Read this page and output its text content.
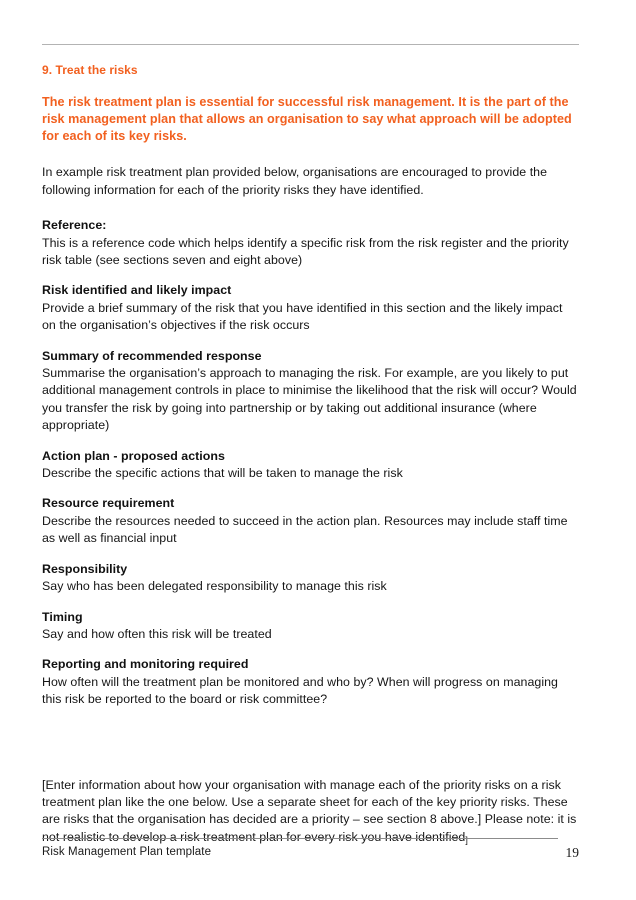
9. Treat the risks
The risk treatment plan is essential for successful risk management. It is the part of the risk management plan that allows an organisation to say what approach will be adopted for each of its key risks.
In example risk treatment plan provided below, organisations are encouraged to provide the following information for each of the priority risks they have identified.
Reference:
This is a reference code which helps identify a specific risk from the risk register and the priority risk table (see sections seven and eight above)
Risk identified and likely impact
Provide a brief summary of the risk that you have identified in this section and the likely impact on the organisation’s objectives if the risk occurs
Summary of recommended response
Summarise the organisation’s approach to managing the risk. For example, are you likely to put additional management controls in place to minimise the likelihood that the risk will occur? Would you transfer the risk by going into partnership or by taking out additional insurance (where appropriate)
Action plan - proposed actions
Describe the specific actions that will be taken to manage the risk
Resource requirement
Describe the resources needed to succeed in the action plan. Resources may include staff time as well as financial input
Responsibility
Say who has been delegated responsibility to manage this risk
Timing
Say and how often this risk will be treated
Reporting and monitoring required
How often will the treatment plan be monitored and who by? When will progress on managing this risk be reported to the board or risk committee?
[Enter information about how your organisation with manage each of the priority risks on a risk treatment plan like the one below. Use a separate sheet for each of the key priority risks. These are risks that the organisation has decided are a priority – see section 8 above.] Please note: it is not realistic to develop a risk treatment plan for every risk you have identified]
Risk Management Plan template	19
